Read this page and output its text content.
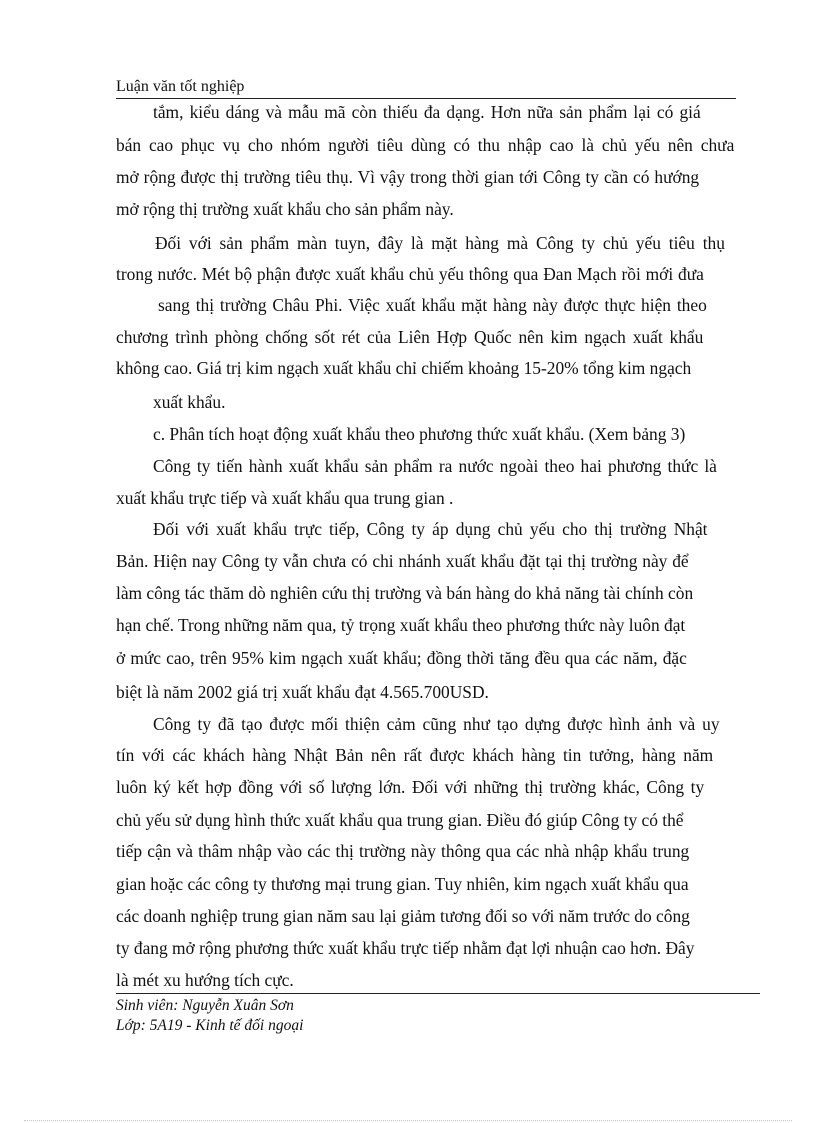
Luận văn tốt nghiệp
tắm, kiểu dáng và mẫu mã còn thiếu đa dạng. Hơn nữa sản phẩm lại có giá
bán cao phục vụ cho nhóm người tiêu dùng có thu nhập cao là chủ yếu nên chưa
mở rộng được thị trường tiêu thụ. Vì vậy trong thời gian tới Công ty cần có hướng
mở rộng thị trường xuất khẩu cho sản phẩm này.
Đối với sản phẩm màn tuyn, đây là mặt hàng mà Công ty chủ yếu tiêu thụ
trong nước. Mét bộ phận được xuất khẩu chủ yếu thông qua Đan Mạch rồi mới đưa
sang thị trường Châu Phi. Việc xuất khẩu mặt hàng này được thực hiện theo
chương trình phòng chống sốt rét của Liên Hợp Quốc nên kim ngạch xuất khẩu
không cao. Giá trị kim ngạch xuất khẩu chỉ chiếm khoảng 15-20% tổng kim ngạch
xuất khẩu.
c. Phân tích hoạt động xuất khẩu theo phương thức xuất khẩu. (Xem bảng 3)
Công ty tiến hành xuất khẩu sản phẩm ra nước ngoài theo hai phương thức là
xuất khẩu trực tiếp và xuất khẩu qua trung gian .
Đối với xuất khẩu trực tiếp, Công ty áp dụng chủ yếu cho thị trường Nhật
Bản. Hiện nay Công ty vẫn chưa có chi nhánh xuất khẩu đặt tại thị trường này để
làm công tác thăm dò nghiên cứu thị trường và bán hàng do khả năng tài chính còn
hạn chế. Trong những năm qua, tỷ trọng xuất khẩu theo phương thức này luôn đạt
ở mức cao, trên 95% kim ngạch xuất khẩu; đồng thời tăng đều qua các năm, đặc
biệt là năm 2002 giá trị xuất khẩu đạt 4.565.700USD.
Công ty đã tạo được mối thiện cảm cũng như tạo dựng được hình ảnh và uy
tín với các khách hàng Nhật Bản nên rất được khách hàng tin tưởng, hàng năm
luôn ký kết hợp đồng với số lượng lớn. Đối với những thị trường khác, Công ty
chủ yếu sử dụng hình thức xuất khẩu qua trung gian. Điều đó giúp Công ty có thể
tiếp cận và thâm nhập vào các thị trường này thông qua các nhà nhập khẩu trung
gian hoặc các công ty thương mại trung gian. Tuy nhiên, kim ngạch xuất khẩu qua
các doanh nghiệp trung gian năm sau lại giảm tương đối so với năm trước do công
ty đang mở rộng phương thức xuất khẩu trực tiếp nhằm đạt lợi nhuận cao hơn. Đây
là mét xu hướng tích cực.
Sinh viên: Nguyễn Xuân Sơn
Lớp: 5A19 - Kinh tế đối ngoại
